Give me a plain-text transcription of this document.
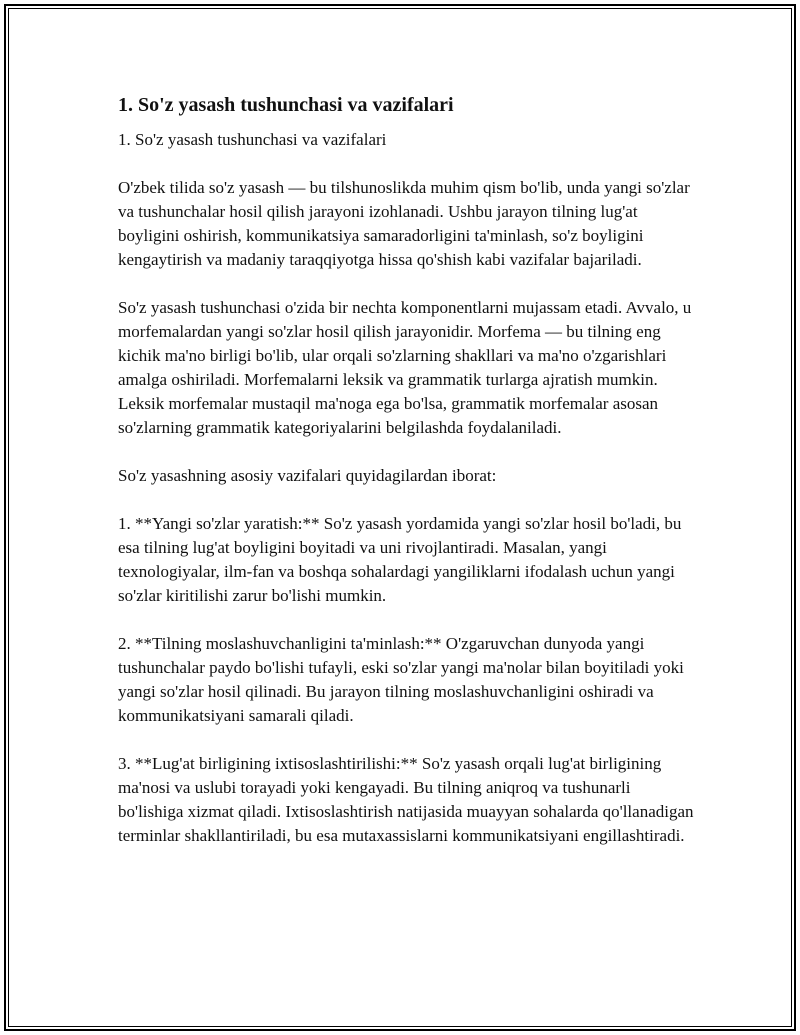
1. So'z yasash tushunchasi va vazifalari

1. So'z yasash tushunchasi va vazifalari

O'zbek tilida so'z yasash — bu tilshunoslikda muhim qism bo'lib, unda yangi so'zlar va tushunchalar hosil qilish jarayoni izohlanadi. Ushbu jarayon tilning lug'at boyligini oshirish, kommunikatsiya samaradorligini ta'minlash, so'z boyligini kengaytirish va madaniy taraqqiyotga hissa qo'shish kabi vazifalar bajariladi.

So'z yasash tushunchasi o'zida bir nechta komponentlarni mujassam etadi. Avvalo, u morfemalardan yangi so'zlar hosil qilish jarayonidir. Morfema — bu tilning eng kichik ma'no birligi bo'lib, ular orqali so'zlarning shakllari va ma'no o'zgarishlari amalga oshiriladi. Morfemalarni leksik va grammatik turlarga ajratish mumkin. Leksik morfemalar mustaqil ma'noga ega bo'lsa, grammatik morfemalar asosan so'zlarning grammatik kategoriyalarini belgilashda foydalaniladi.

So'z yasashning asosiy vazifalari quyidagilardan iborat:

1. **Yangi so'zlar yaratish:** So'z yasash yordamida yangi so'zlar hosil bo'ladi, bu esa tilning lug'at boyligini boyitadi va uni rivojlantiradi. Masalan, yangi texnologiyalar, ilm-fan va boshqa sohalardagi yangiliklarni ifodalash uchun yangi so'zlar kiritilishi zarur bo'lishi mumkin.

2. **Tilning moslashuvchanligini ta'minlash:** O'zgaruvchan dunyoda yangi tushunchalar paydo bo'lishi tufayli, eski so'zlar yangi ma'nolar bilan boyitiladi yoki yangi so'zlar hosil qilinadi. Bu jarayon tilning moslashuvchanligini oshiradi va kommunikatsiyani samarali qiladi.

3. **Lug'at birligining ixtisoslashtirilishi:** So'z yasash orqali lug'at birligining ma'nosi va uslubi torayadi yoki kengayadi. Bu tilning aniqroq va tushunarli bo'lishiga xizmat qiladi. Ixtisoslashtirish natijasida muayyan sohalarda qo'llanadigan terminlar shakllantiriladi, bu esa mutaxassislarni kommunikatsiyani engillashtiradi.
